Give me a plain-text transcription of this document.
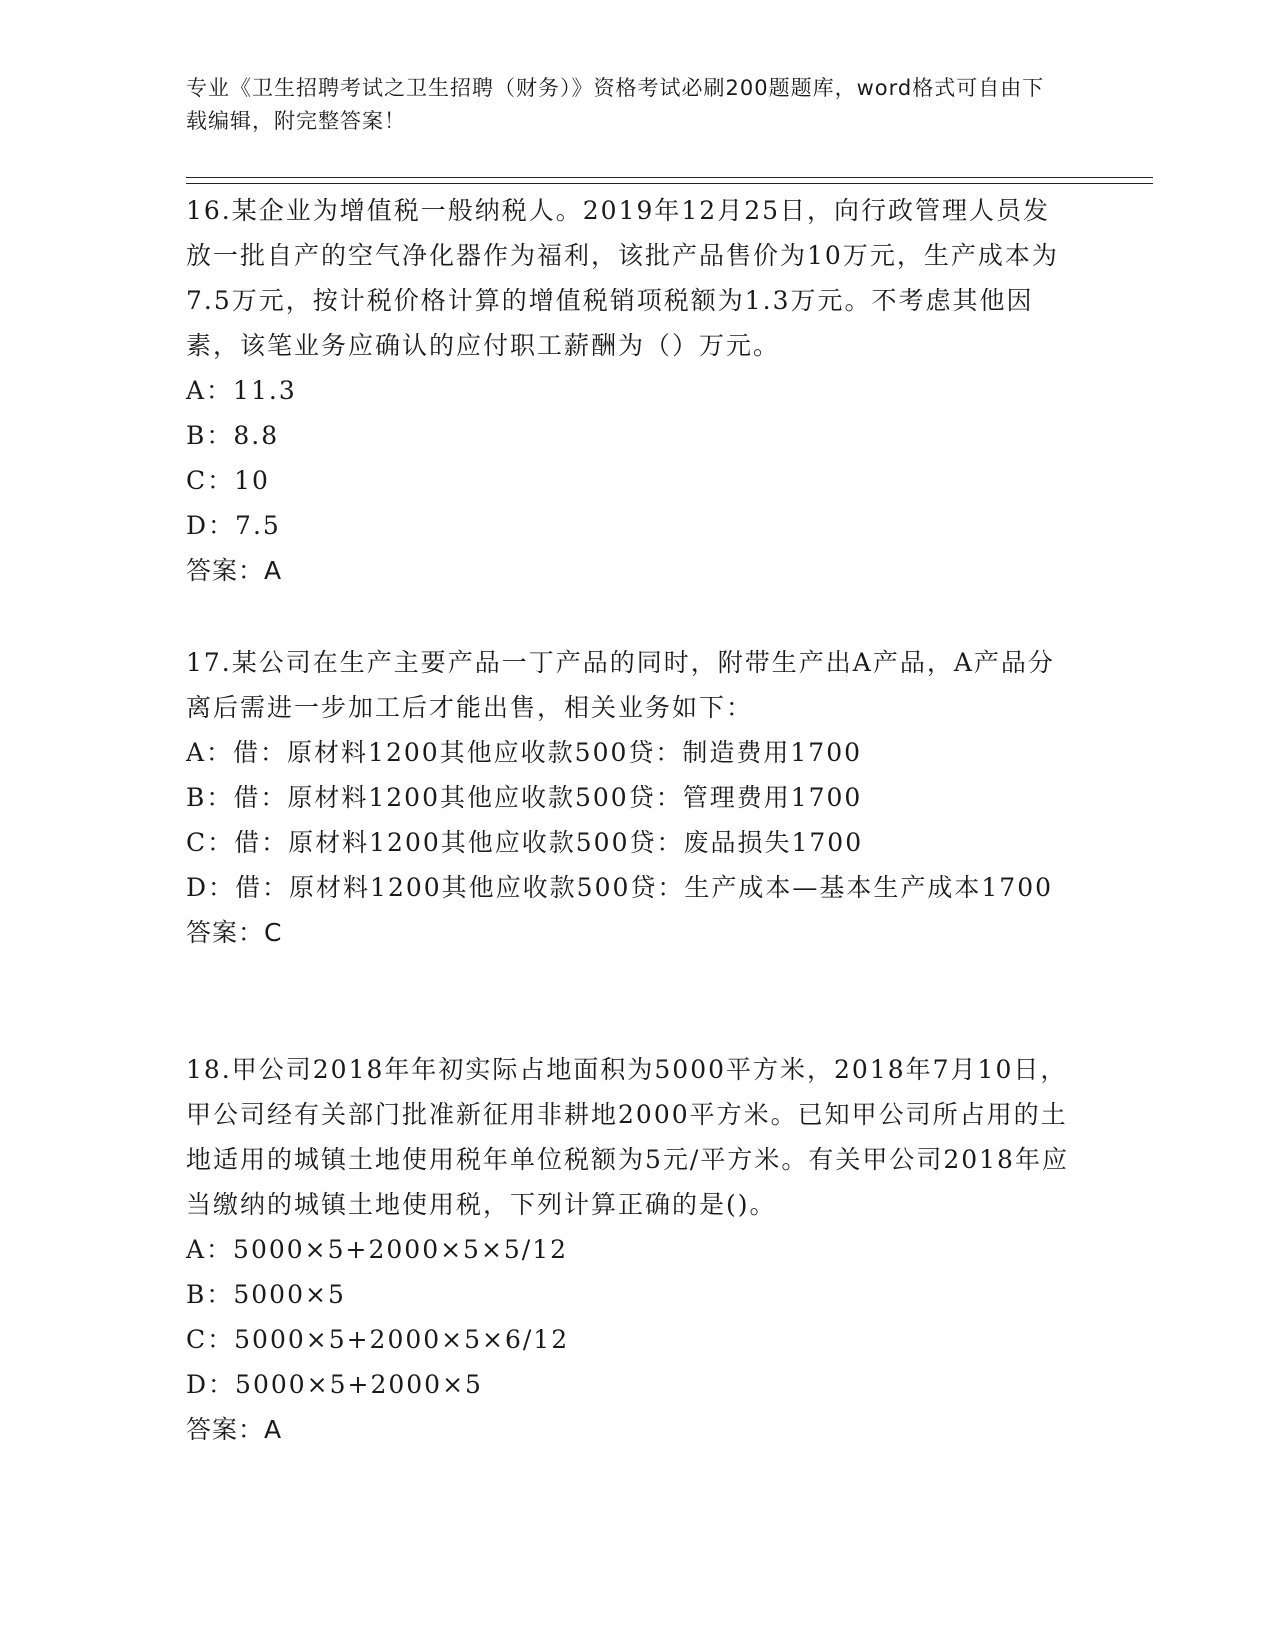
专业《卫生招聘考试之卫生招聘（财务）》资格考试必刷200题题库，word格式可自由下载编辑，附完整答案！
16.某企业为增值税一般纳税人。2019年12月25日，向行政管理人员发放一批自产的空气净化器作为福利，该批产品售价为10万元，生产成本为7.5万元，按计税价格计算的增值税销项税额为1.3万元。不考虑其他因素，该笔业务应确认的应付职工薪酬为（）万元。
A：11.3
B：8.8
C：10
D：7.5
答案：A
17.某公司在生产主要产品一丁产品的同时，附带生产出A产品，A产品分离后需进一步加工后才能出售，相关业务如下：
A：借：原材料1200其他应收款500贷：制造费用1700
B：借：原材料1200其他应收款500贷：管理费用1700
C：借：原材料1200其他应收款500贷：废品损失1700
D：借：原材料1200其他应收款500贷：生产成本—基本生产成本1700
答案：C
18.甲公司2018年年初实际占地面积为5000平方米，2018年7月10日，甲公司经有关部门批准新征用非耕地2000平方米。已知甲公司所占用的土地适用的城镇土地使用税年单位税额为5元/平方米。有关甲公司2018年应当缴纳的城镇土地使用税，下列计算正确的是()。
A：5000×5+2000×5×5/12
B：5000×5
C：5000×5+2000×5×6/12
D：5000×5+2000×5
答案：A
